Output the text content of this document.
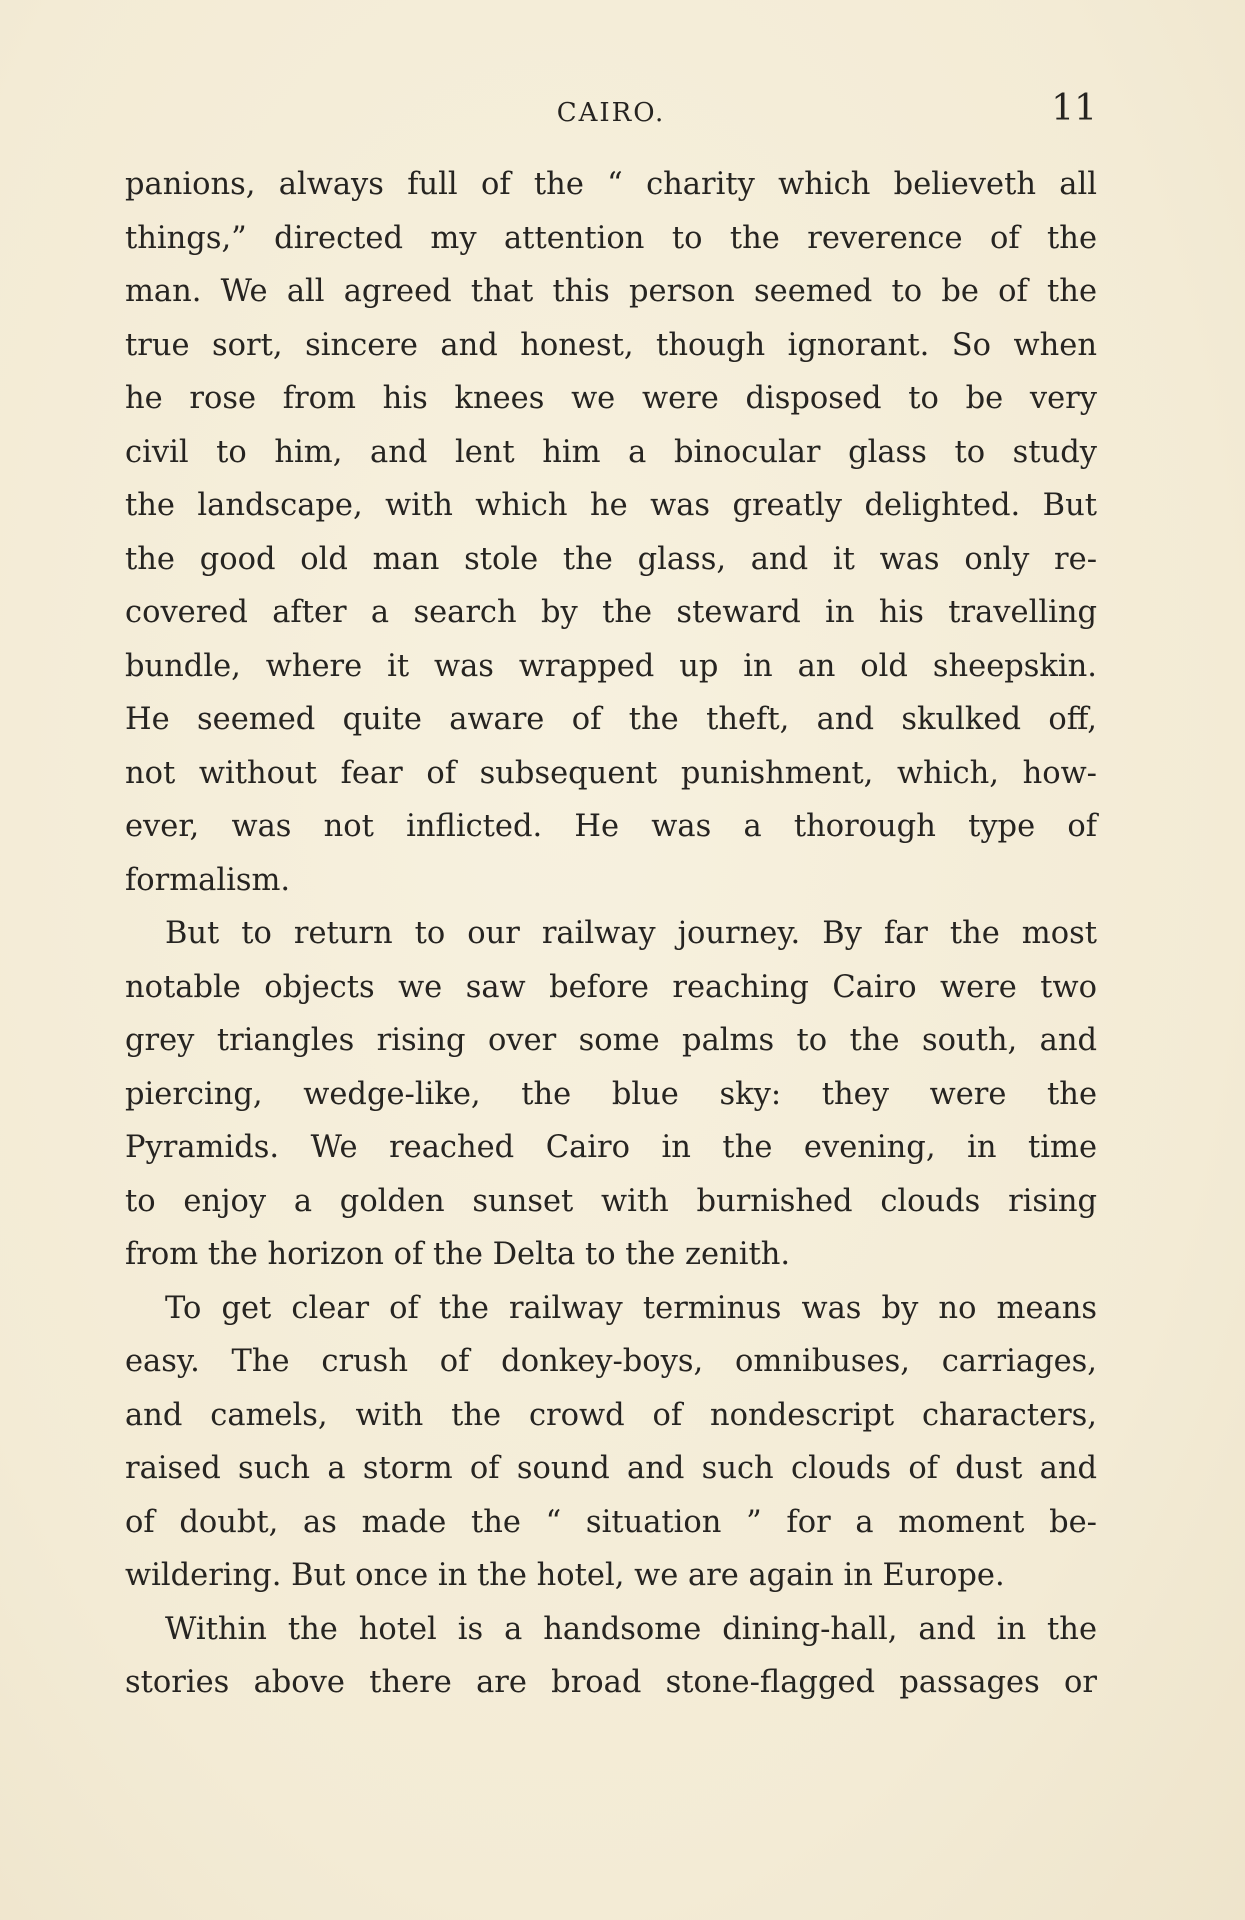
CAIRO.	11
panions, always full of the “ charity which believeth all
things,” directed my attention to the reverence of the
man. We all agreed that this person seemed to be of the
true sort, sincere and honest, though ignorant. So when
he rose from his knees we were disposed to be very
civil to him, and lent him a binocular glass to study
the landscape, with which he was greatly delighted. But
the good old man stole the glass, and it was only re-
covered after a search by the steward in his travelling
bundle, where it was wrapped up in an old sheepskin.
He seemed quite aware of the theft, and skulked off,
not without fear of subsequent punishment, which, how-
ever, was not inflicted. He was a thorough type of
formalism.
But to return to our railway journey. By far the most
notable objects we saw before reaching Cairo were two
grey triangles rising over some palms to the south, and
piercing, wedge-like, the blue sky: they were the
Pyramids. We reached Cairo in the evening, in time
to enjoy a golden sunset with burnished clouds rising
from the horizon of the Delta to the zenith.
To get clear of the railway terminus was by no means
easy. The crush of donkey-boys, omnibuses, carriages,
and camels, with the crowd of nondescript characters,
raised such a storm of sound and such clouds of dust and
of doubt, as made the “ situation ” for a moment be-
wildering. But once in the hotel, we are again in Europe.
Within the hotel is a handsome dining-hall, and in the
stories above there are broad stone-flagged passages or
